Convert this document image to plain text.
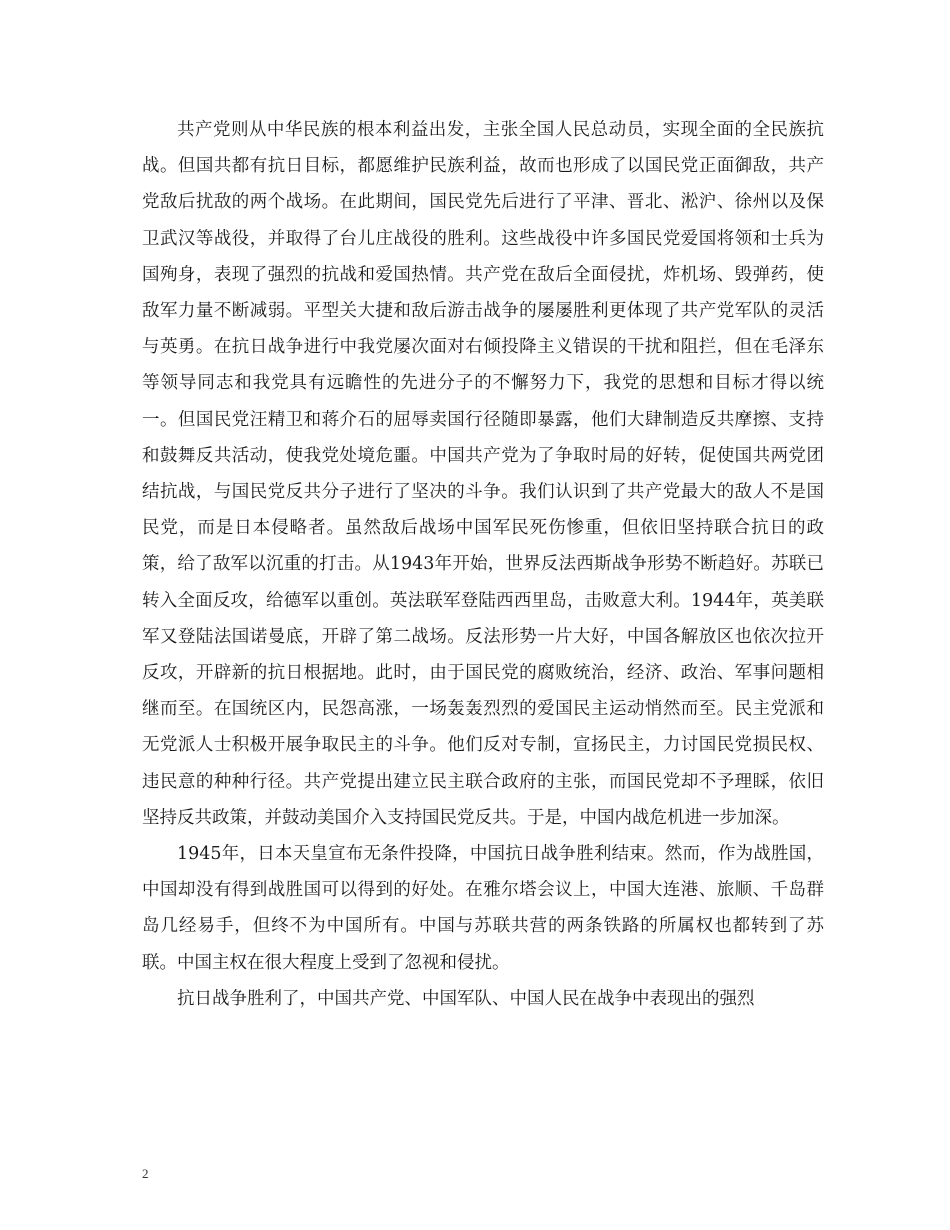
共产党则从中华民族的根本利益出发，主张全国人民总动员，实现全面的全民族抗战。但国共都有抗日目标，都愿维护民族利益，故而也形成了以国民党正面御敌，共产党敌后扰敌的两个战场。在此期间，国民党先后进行了平津、晋北、淞沪、徐州以及保卫武汉等战役，并取得了台儿庄战役的胜利。这些战役中许多国民党爱国将领和士兵为国殉身，表现了强烈的抗战和爱国热情。共产党在敌后全面侵扰，炸机场、毁弹药，使敌军力量不断减弱。平型关大捷和敌后游击战争的屡屡胜利更体现了共产党军队的灵活与英勇。在抗日战争进行中我党屡次面对右倾投降主义错误的干扰和阻拦，但在毛泽东等领导同志和我党具有远瞻性的先进分子的不懈努力下，我党的思想和目标才得以统一。但国民党汪精卫和蒋介石的屈辱卖国行径随即暴露，他们大肆制造反共摩擦、支持和鼓舞反共活动，使我党处境危噩。中国共产党为了争取时局的好转，促使国共两党团结抗战，与国民党反共分子进行了坚决的斗争。我们认识到了共产党最大的敌人不是国民党，而是日本侵略者。虽然敌后战场中国军民死伤惨重，但依旧坚持联合抗日的政策，给了敌军以沉重的打击。从1943年开始，世界反法西斯战争形势不断趋好。苏联已转入全面反攻，给德军以重创。英法联军登陆西西里岛，击败意大利。1944年，英美联军又登陆法国诺曼底，开辟了第二战场。反法形势一片大好，中国各解放区也依次拉开反攻，开辟新的抗日根据地。此时，由于国民党的腐败统治，经济、政治、军事问题相继而至。在国统区内，民怨高涨，一场轰轰烈烈的爱国民主运动悄然而至。民主党派和无党派人士积极开展争取民主的斗争。他们反对专制，宣扬民主，力讨国民党损民权、违民意的种种行径。共产党提出建立民主联合政府的主张，而国民党却不予理睬，依旧坚持反共政策，并鼓动美国介入支持国民党反共。于是，中国内战危机进一步加深。

1945年，日本天皇宣布无条件投降，中国抗日战争胜利结束。然而，作为战胜国，中国却没有得到战胜国可以得到的好处。在雅尔塔会议上，中国大连港、旅顺、千岛群岛几经易手，但终不为中国所有。中国与苏联共营的两条铁路的所属权也都转到了苏联。中国主权在很大程度上受到了忽视和侵扰。

抗日战争胜利了，中国共产党、中国军队、中国人民在战争中表现出的强烈

2
